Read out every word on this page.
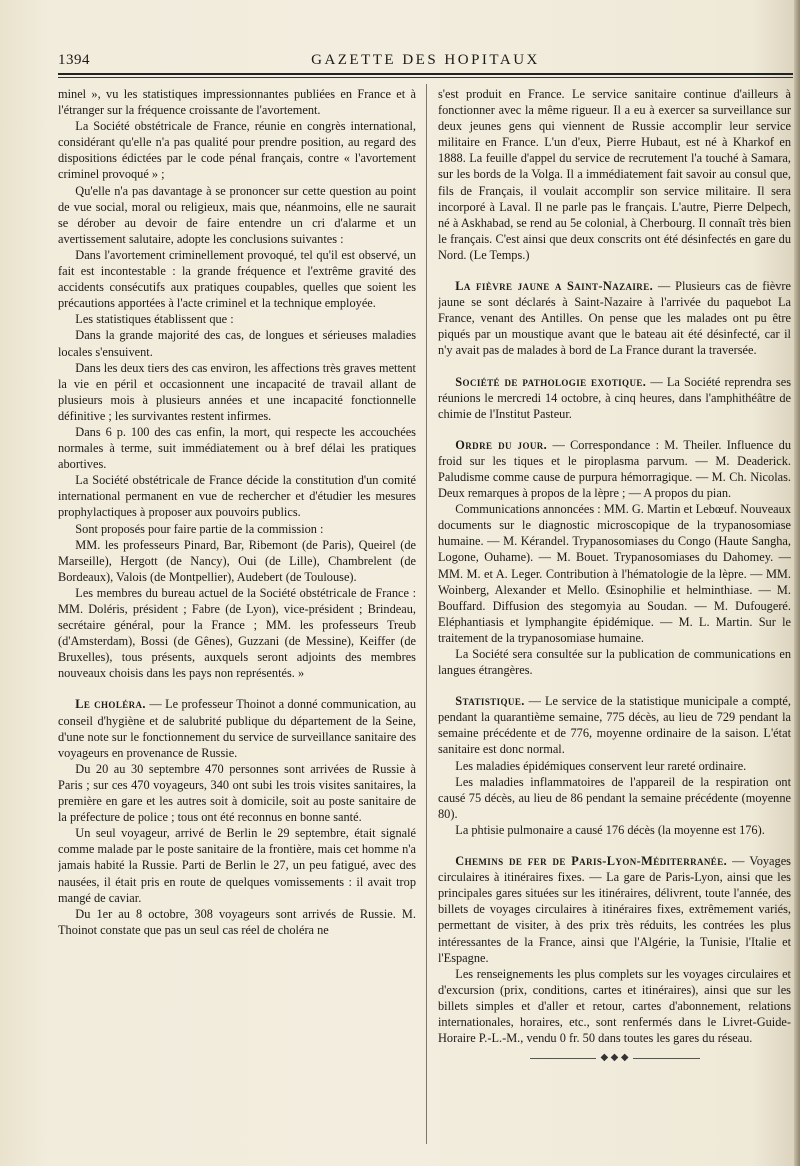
1394	GAZETTE DES HOPITAUX

minel », vu les statistiques impressionnantes publiées en France et à l'étranger sur la fréquence croissante de l'avortement.

La Société obstétricale de France, réunie en congrès international, considérant qu'elle n'a pas qualité pour prendre position, au regard des dispositions édictées par le code pénal français, contre « l'avortement criminel provoqué » ;

Qu'elle n'a pas davantage à se prononcer sur cette question au point de vue social, moral ou religieux, mais que, néanmoins, elle ne saurait se dérober au devoir de faire entendre un cri d'alarme et un avertissement salutaire, adopte les conclusions suivantes :

Dans l'avortement criminellement provoqué, tel qu'il est observé, un fait est incontestable : la grande fréquence et l'extrême gravité des accidents consécutifs aux pratiques coupables, quelles que soient les précautions apportées à l'acte criminel et la technique employée.

Les statistiques établissent que :

Dans la grande majorité des cas, de longues et sérieuses maladies locales s'ensuivent.

Dans les deux tiers des cas environ, les affections très graves mettent la vie en péril et occasionnent une incapacité de travail allant de plusieurs mois à plusieurs années et une incapacité fonctionnelle définitive ; les survivantes restent infirmes.

Dans 6 p. 100 des cas enfin, la mort, qui respecte les accouchées normales à terme, suit immédiatement ou à bref délai les pratiques abortives.

La Société obstétricale de France décide la constitution d'un comité international permanent en vue de rechercher et d'étudier les mesures prophylactiques à proposer aux pouvoirs publics.

Sont proposés pour faire partie de la commission :

MM. les professeurs Pinard, Bar, Ribemont (de Paris), Queirel (de Marseille), Hergott (de Nancy), Oui (de Lille), Chambrelent (de Bordeaux), Valois (de Montpellier), Audebert (de Toulouse).

Les membres du bureau actuel de la Société obstétricale de France : MM. Doléris, président ; Fabre (de Lyon), vice-président ; Brindeau, secrétaire général, pour la France ; MM. les professeurs Treub (d'Amsterdam), Bossi (de Gênes), Guzzani (de Messine), Keiffer (de Bruxelles), tous présents, auxquels seront adjoints des membres nouveaux choisis dans les pays non représentés. »

Le choléra. — Le professeur Thoinot a donné communication, au conseil d'hygiène et de salubrité publique du département de la Seine, d'une note sur le fonctionnement du service de surveillance sanitaire des voyageurs en provenance de Russie.

Du 20 au 30 septembre 470 personnes sont arrivées de Russie à Paris ; sur ces 470 voyageurs, 340 ont subi les trois visites sanitaires, la première en gare et les autres soit à domicile, soit au poste sanitaire de la préfecture de police ; tous ont été reconnus en bonne santé.

Un seul voyageur, arrivé de Berlin le 29 septembre, était signalé comme malade par le poste sanitaire de la frontière, mais cet homme n'a jamais habité la Russie. Parti de Berlin le 27, un peu fatigué, avec des nausées, il était pris en route de quelques vomissements : il avait trop mangé de caviar.

Du 1er au 8 octobre, 308 voyageurs sont arrivés de Russie. M. Thoinot constate que pas un seul cas réel de choléra ne

s'est produit en France. Le service sanitaire continue d'ailleurs à fonctionner avec la même rigueur. Il a eu à exercer sa surveillance sur deux jeunes gens qui viennent de Russie accomplir leur service militaire en France. L'un d'eux, Pierre Hubaut, est né à Kharkof en 1888. La feuille d'appel du service de recrutement l'a touché à Samara, sur les bords de la Volga. Il a immédiatement fait savoir au consul que, fils de Français, il voulait accomplir son service militaire. Il sera incorporé à Laval. Il ne parle pas le français. L'autre, Pierre Delpech, né à Askhabad, se rend au 5e colonial, à Cherbourg. Il connaît très bien le français. C'est ainsi que deux conscrits ont été désinfectés en gare du Nord. (Le Temps.)

La fièvre jaune a Saint-Nazaire. — Plusieurs cas de fièvre jaune se sont déclarés à Saint-Nazaire à l'arrivée du paquebot La France, venant des Antilles. On pense que les malades ont pu être piqués par un moustique avant que le bateau ait été désinfecté, car il n'y avait pas de malades à bord de La France durant la traversée.

Société de pathologie exotique. — La Société reprendra ses réunions le mercredi 14 octobre, à cinq heures, dans l'amphithéâtre de chimie de l'Institut Pasteur.

Ordre du jour. — Correspondance : M. Theiler. Influence du froid sur les tiques et le piroplasma parvum. — M. Deaderick. Paludisme comme cause de purpura hémorragique. — M. Ch. Nicolas. Deux remarques à propos de la lèpre ; — A propos du pian.

Communications annoncées : MM. G. Martin et Lebœuf. Nouveaux documents sur le diagnostic microscopique de la trypanosomiase humaine. — M. Kérandel. Trypanosomiases du Congo (Haute Sangha, Logone, Ouhame). — M. Bouet. Trypanosomiases du Dahomey. — MM. M. et A. Leger. Contribution à l'hématologie de la lèpre. — MM. Woinberg, Alexander et Mello. Œsinophilie et helminthiase. — M. Bouffard. Diffusion des stegomyia au Soudan. — M. Dufougeré. Eléphantiasis et lymphangite épidémique. — M. L. Martin. Sur le traitement de la trypanosomiase humaine.

La Société sera consultée sur la publication de communications en langues étrangères.

Statistique. — Le service de la statistique municipale a compté, pendant la quarantième semaine, 775 décès, au lieu de 729 pendant la semaine précédente et de 776, moyenne ordinaire de la saison. L'état sanitaire est donc normal.

Les maladies épidémiques conservent leur rareté ordinaire.

Les maladies inflammatoires de l'appareil de la respiration ont causé 75 décès, au lieu de 86 pendant la semaine précédente (moyenne 80).

La phtisie pulmonaire a causé 176 décès (la moyenne est 176).

Chemins de fer de Paris-Lyon-Méditerranée. — Voyages circulaires à itinéraires fixes. — La gare de Paris-Lyon, ainsi que les principales gares situées sur les itinéraires, délivrent, toute l'année, des billets de voyages circulaires à itinéraires fixes, extrêmement variés, permettant de visiter, à des prix très réduits, les contrées les plus intéressantes de la France, ainsi que l'Algérie, la Tunisie, l'Italie et l'Espagne.

Les renseignements les plus complets sur les voyages circulaires et d'excursion (prix, conditions, cartes et itinéraires), ainsi que sur les billets simples et d'aller et retour, cartes d'abonnement, relations internationales, horaires, etc., sont renfermés dans le Livret-Guide-Horaire P.-L.-M., vendu 0 fr. 50 dans toutes les gares du réseau.

◆ ◆ ◆
